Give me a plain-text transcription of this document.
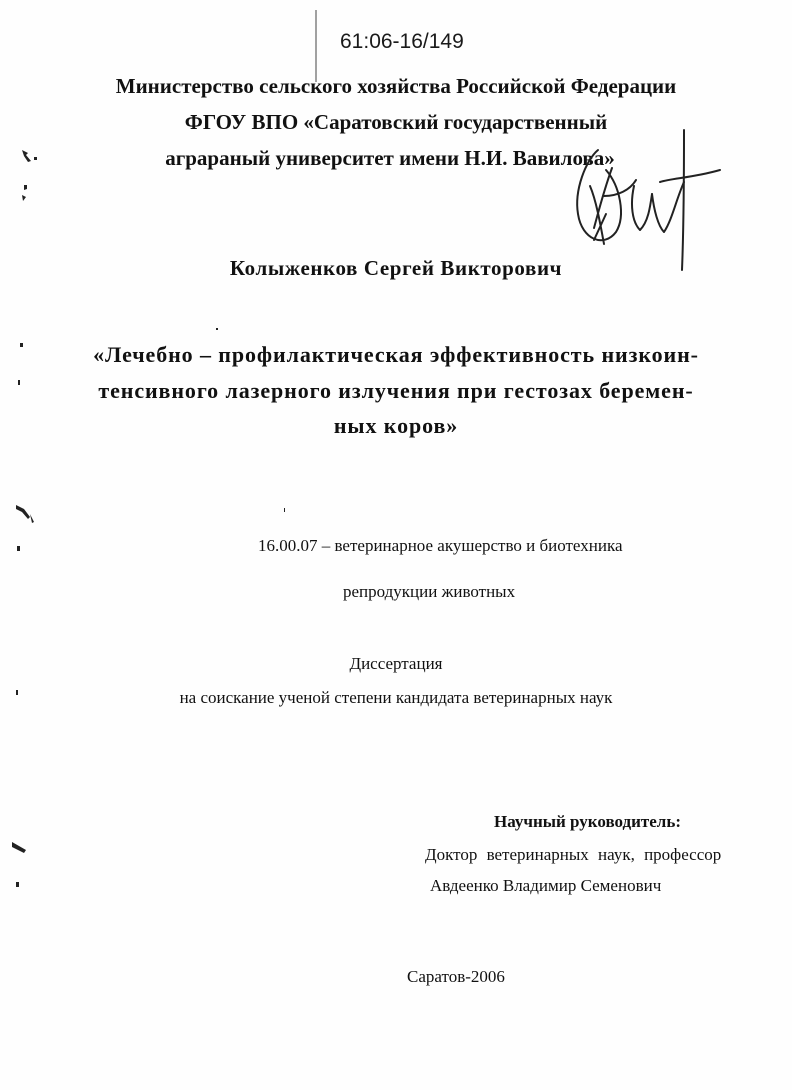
61:06-16/149
Министерство сельского хозяйства Российской Федерации
ФГОУ ВПО «Саратовский государственный
аграраный университет имени Н.И. Вавилова»
Колыженков Сергей Викторович
«Лечебно – профилактическая эффективность низкоин-
тенсивного лазерного излучения при гестозах беремен-
ных коров»
16.00.07 – ветеринарное акушерство и биотехника
репродукции животных
Диссертация
на соискание ученой степени кандидата ветеринарных наук
Научный руководитель:
Доктор ветеринарных наук, профессор
Авдеенко Владимир Семенович
Саратов-2006
